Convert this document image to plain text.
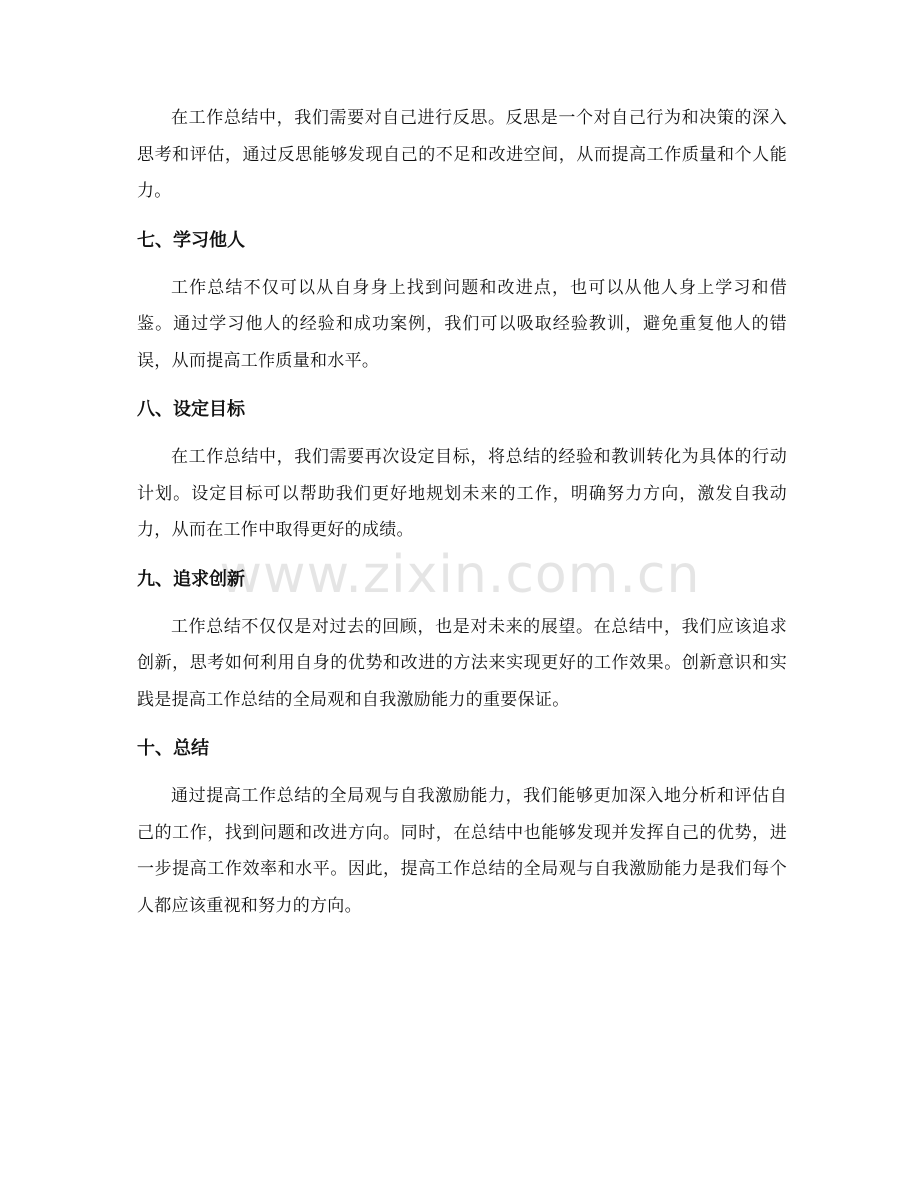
在工作总结中，我们需要对自己进行反思。反思是一个对自己行为和决策的深入思考和评估，通过反思能够发现自己的不足和改进空间，从而提高工作质量和个人能力。

七、学习他人

工作总结不仅可以从自身身上找到问题和改进点，也可以从他人身上学习和借鉴。通过学习他人的经验和成功案例，我们可以吸取经验教训，避免重复他人的错误，从而提高工作质量和水平。

八、设定目标

在工作总结中，我们需要再次设定目标，将总结的经验和教训转化为具体的行动计划。设定目标可以帮助我们更好地规划未来的工作，明确努力方向，激发自我动力，从而在工作中取得更好的成绩。

九、追求创新

工作总结不仅仅是对过去的回顾，也是对未来的展望。在总结中，我们应该追求创新，思考如何利用自身的优势和改进的方法来实现更好的工作效果。创新意识和实践是提高工作总结的全局观和自我激励能力的重要保证。

十、总结

通过提高工作总结的全局观与自我激励能力，我们能够更加深入地分析和评估自己的工作，找到问题和改进方向。同时，在总结中也能够发现并发挥自己的优势，进一步提高工作效率和水平。因此，提高工作总结的全局观与自我激励能力是我们每个人都应该重视和努力的方向。

www.zixin.com.cn
